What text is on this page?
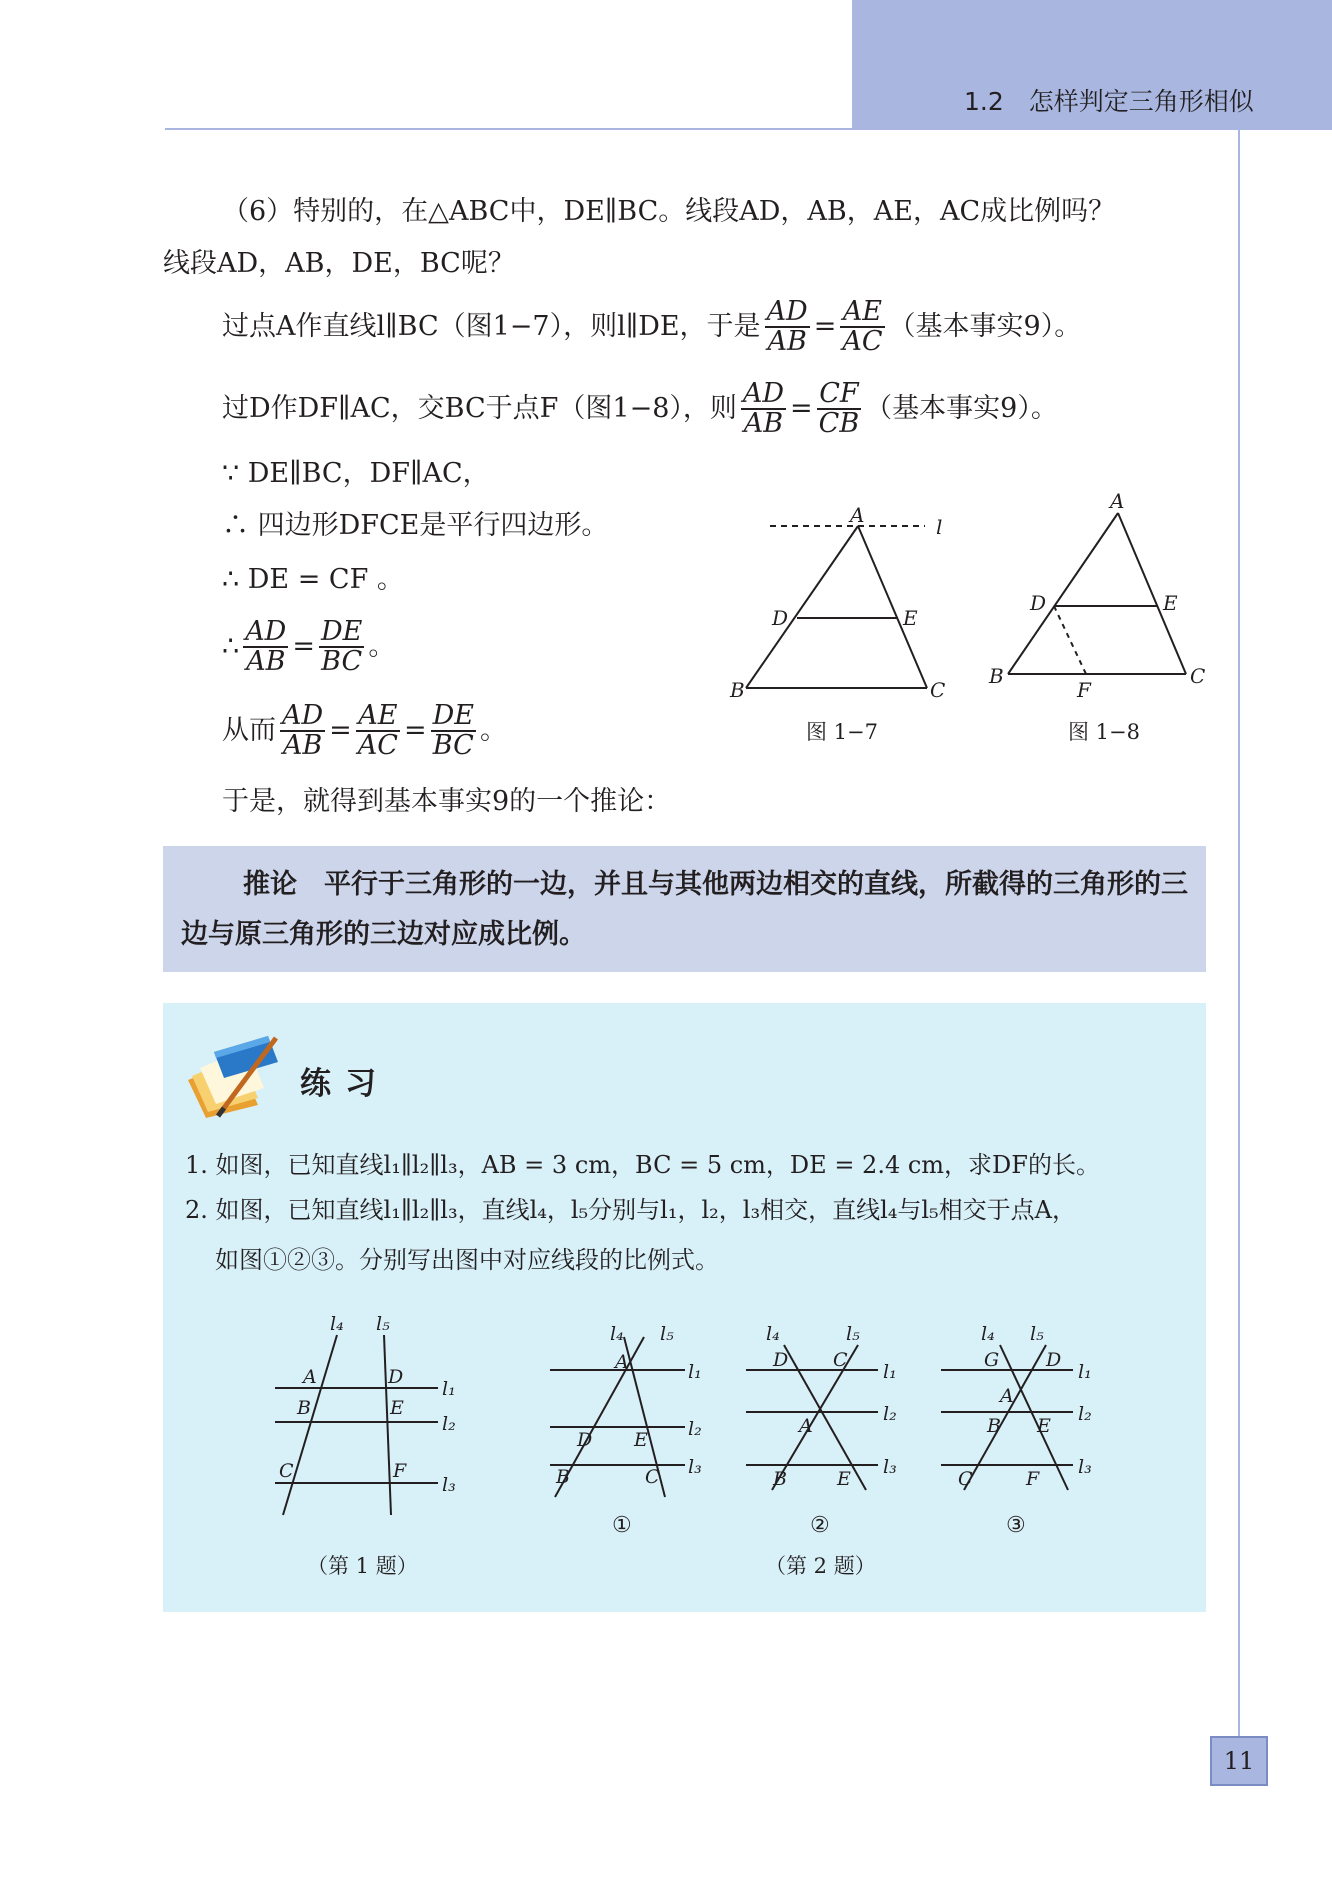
1.2　怎样判定三角形相似
（6）特别的，在△ABC中，DE∥BC。线段AD，AB，AE，AC成比例吗？
线段AD，AB，DE，BC呢？
过点A作直线l∥BC（图1−7），则l∥DE，于是 $\frac{AD}{AB} = \frac{AE}{AC}$ （基本事实9）。
过D作DF∥AC，交BC于点F（图1−8），则 $\frac{AD}{AB} = \frac{CF}{CB}$ （基本事实9）。
∵ DE∥BC，DF∥AC，
∴ 四边形DFCE是平行四边形。
∴ DE = CF 。
∴ $\frac{AD}{AB} = \frac{DE}{BC}$ 。
从而 $\frac{AD}{AB} = \frac{AE}{AC} = \frac{DE}{BC}$ 。
于是，就得到基本事实9的一个推论：
A	l
D	E
B	C
A
D	E
B
F
C
图 1−7	图 1−8
推论　平行于三角形的一边，并且与其他两边相交的直线，所截得的三角形的三边与原三角形的三边对应成比例。
练习
1. 如图，已知直线l₁∥l₂∥l₃，AB = 3 cm，BC = 5 cm，DE = 2.4 cm，求DF的长。
2. 如图，已知直线l₁∥l₂∥l₃，直线l₄，l₅分别与l₁，l₂，l₃相交，直线l₄与l₅相交于点A，
如图①②③。分别写出图中对应线段的比例式。
l₄ l₅
l₁
l₂
l₃
A
B
C
D
E
F
l₄ l₅
l₁
l₂
l₃
A
D E
B	C
l₄	l₅
l₁
l₂
l₃
D C
A
B	E
l₄ l₅
l₁
l₂
l₃
G D
A
B E
C	F
①	②	③
（第 1 题）	（第 2 题）
11
